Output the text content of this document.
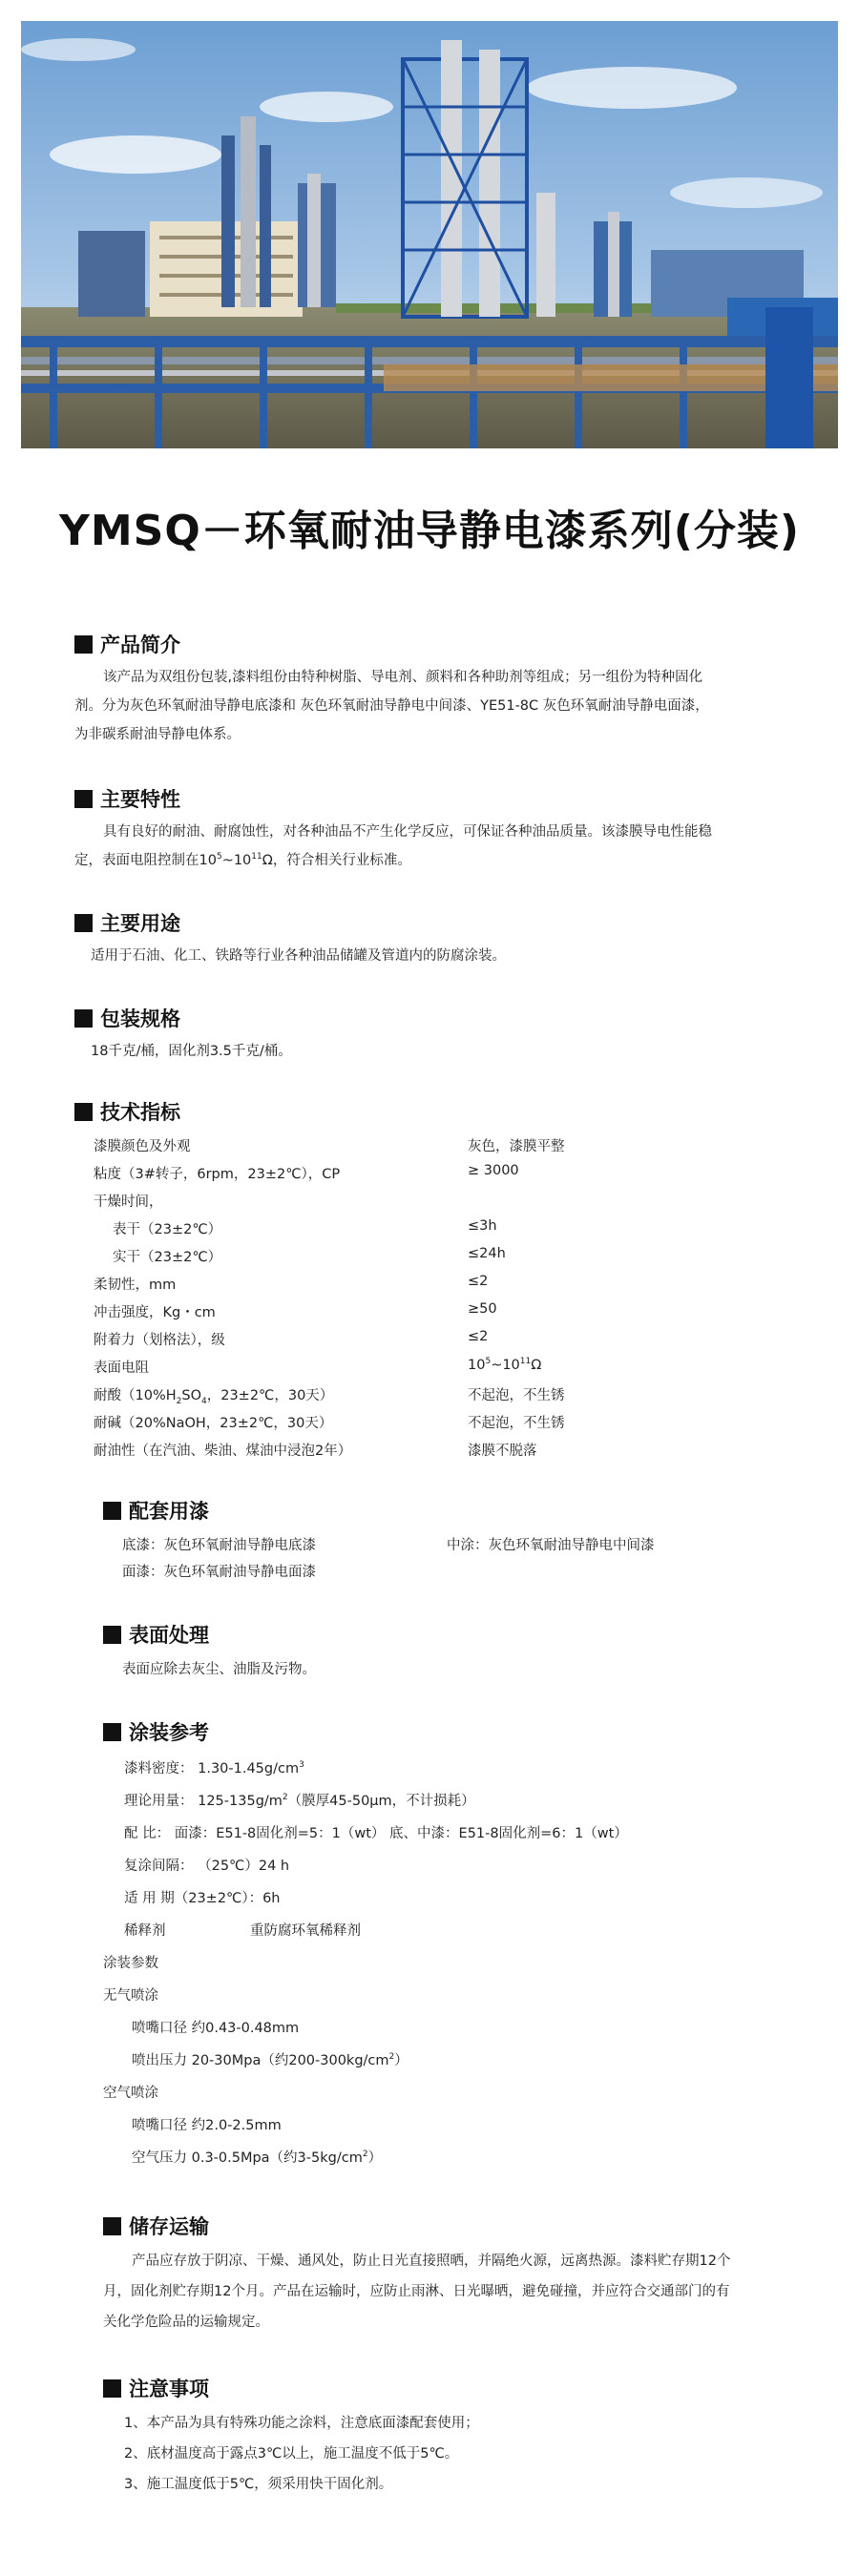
YMSQ－环氧耐油导静电漆系列(分装)
产品简介
该产品为双组份包装,漆料组份由特种树脂、导电剂、颜料和各种助剂等组成；另一组份为特种固化
剂。分为灰色环氧耐油导静电底漆和 灰色环氧耐油导静电中间漆、YE51-8C 灰色环氧耐油导静电面漆，
为非碳系耐油导静电体系。
主要特性
具有良好的耐油、耐腐蚀性，对各种油品不产生化学反应，可保证各种油品质量。该漆膜导电性能稳
定，表面电阻控制在$10^5\sim 10^{11}\Omega$，符合相关行业标准。
主要用途
适用于石油、化工、铁路等行业各种油品储罐及管道内的防腐涂装。
包装规格
18千克/桶，固化剂3.5千克/桶。
技术指标
漆膜颜色及外观	灰色，漆膜平整
粘度（3#转子，6rpm，23±2℃），CP	≥ 3000
干燥时间，
表干（23±2℃）	≤3h
实干（23±2℃）	≤24h
柔韧性，mm	≤2
冲击强度，Kg・cm	≥50
附着力（划格法），级	≤2
表面电阻	$10^5\sim 10^{11}\Omega$
耐酸（$10\%H_2SO_4$，23±2℃，30天）	不起泡，不生锈
耐碱（20%NaOH，23±2℃，30天）	不起泡，不生锈
耐油性（在汽油、柴油、煤油中浸泡2年）	漆膜不脱落
配套用漆
底漆：灰色环氧耐油导静电底漆	中涂：灰色环氧耐油导静电中间漆
面漆：灰色环氧耐油导静电面漆
表面处理
表面应除去灰尘、油脂及污物。
涂装参考
漆料密度： $1.30-1.45g/cm^3$
理论用量： $125-135g/m^2$（膜厚45-50μm，不计损耗）
配 比： 面漆：E51-8固化剂=5：1（wt） 底、中漆：E51-8固化剂=6：1（wt）
复涂间隔： （25℃）24 h
适 用 期（23±2℃）：6h
稀释剂	重防腐环氧稀释剂
涂装参数
无气喷涂
喷嘴口径 约0.43-0.48mm
喷出压力 20-30Mpa（约$200-300kg/cm^2$）
空气喷涂
喷嘴口径 约2.0-2.5mm
空气压力 0.3-0.5Mpa（约$3-5kg/cm^2$）
储存运输
产品应存放于阴凉、干燥、通风处，防止日光直接照晒，并隔绝火源，远离热源。漆料贮存期12个
月，固化剂贮存期12个月。产品在运输时，应防止雨淋、日光曝晒，避免碰撞，并应符合交通部门的有
关化学危险品的运输规定。
注意事项
1、本产品为具有特殊功能之涂料，注意底面漆配套使用；
2、底材温度高于露点3℃以上，施工温度不低于5℃。
3、施工温度低于5℃，须采用快干固化剂。
